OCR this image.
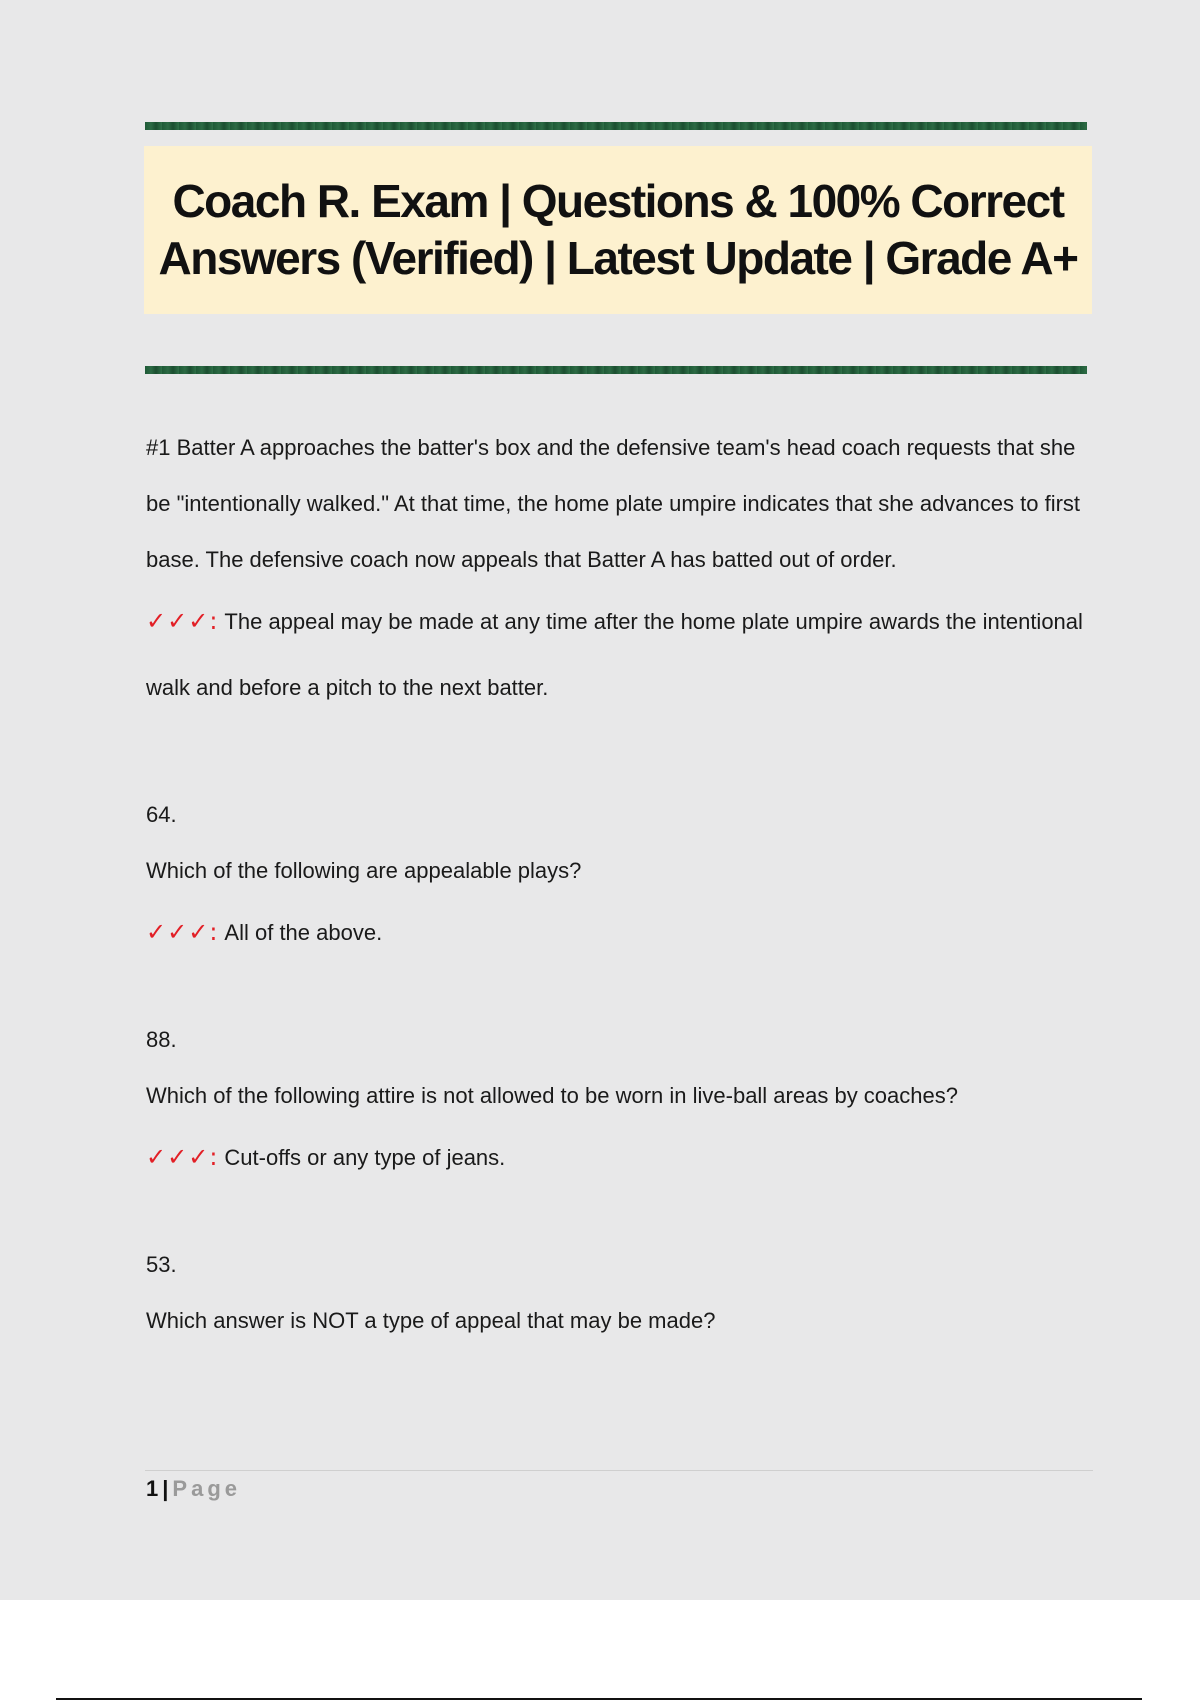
Coach R. Exam | Questions & 100% Correct Answers (Verified) | Latest Update | Grade A+

#1 Batter A approaches the batter's box and the defensive team's head coach requests that she be "intentionally walked." At that time, the home plate umpire indicates that she advances to first base. The defensive coach now appeals that Batter A has batted out of order.

✓✓✓: The appeal may be made at any time after the home plate umpire awards the intentional walk and before a pitch to the next batter.

64.

Which of the following are appealable plays?

✓✓✓: All of the above.

88.

Which of the following attire is not allowed to be worn in live-ball areas by coaches?

✓✓✓: Cut-offs or any type of jeans.

53.

Which answer is NOT a type of appeal that may be made?

1 | Page
